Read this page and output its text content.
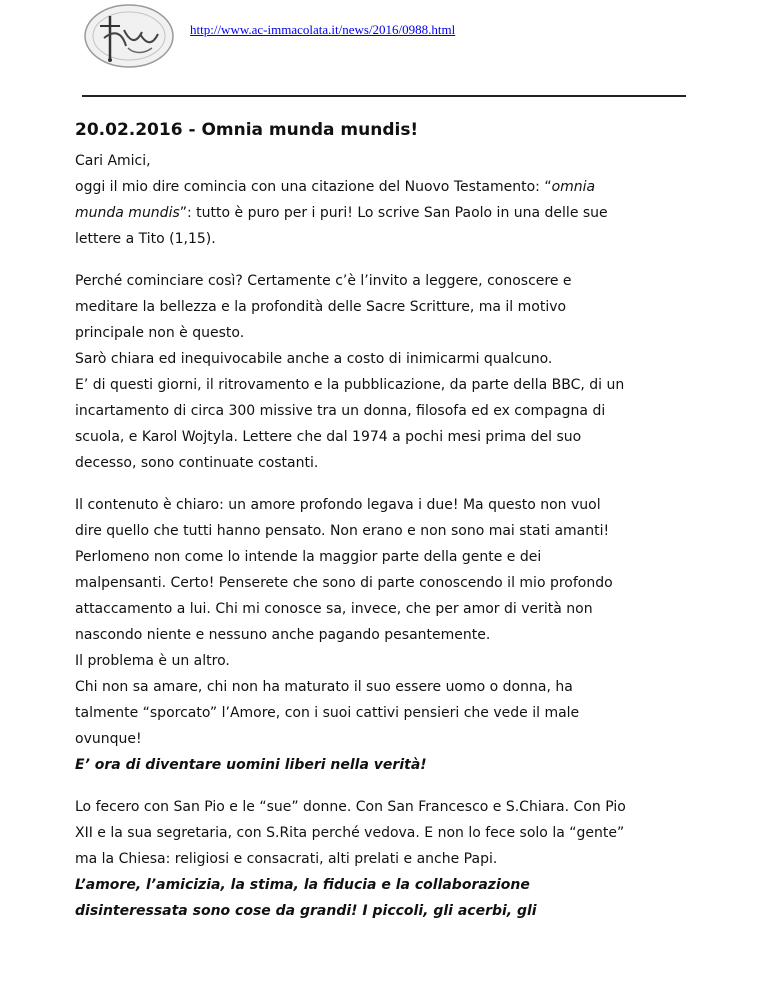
http://www.ac-immacolata.it/news/2016/0988.html
20.02.2016 - Omnia munda mundis!
Cari Amici,
oggi il mio dire comincia con una citazione del Nuovo Testamento: “omnia
munda mundis”: tutto è puro per i puri! Lo scrive San Paolo in una delle sue
lettere a Tito (1,15).
Perché cominciare così? Certamente c’è l’invito a leggere, conoscere e
meditare la bellezza e la profondità delle Sacre Scritture, ma il motivo
principale non è questo.
Sarò chiara ed inequivocabile anche a costo di inimicarmi qualcuno.
E’ di questi giorni, il ritrovamento e la pubblicazione, da parte della BBC, di un
incartamento di circa 300 missive tra un donna, filosofa ed ex compagna di
scuola, e Karol Wojtyla. Lettere che dal 1974 a pochi mesi prima del suo
decesso, sono continuate costanti.
Il contenuto è chiaro: un amore profondo legava i due! Ma questo non vuol
dire quello che tutti hanno pensato. Non erano e non sono mai stati amanti!
Perlomeno non come lo intende la maggior parte della gente e dei
malpensanti. Certo! Penserete che sono di parte conoscendo il mio profondo
attaccamento a lui. Chi mi conosce sa, invece, che per amor di verità non
nascondo niente e nessuno anche pagando pesantemente.
Il problema è un altro.
Chi non sa amare, chi non ha maturato il suo essere uomo o donna, ha
talmente “sporcato” l’Amore, con i suoi cattivi pensieri che vede il male
ovunque!
E’ ora di diventare uomini liberi nella verità!
Lo fecero con San Pio e le “sue” donne. Con San Francesco e S.Chiara. Con Pio
XII e la sua segretaria, con S.Rita perché vedova. E non lo fece solo la “gente”
ma la Chiesa: religiosi e consacrati, alti prelati e anche Papi.
L’amore, l’amicizia, la stima, la fiducia e la collaborazione
disinteressata sono cose da grandi! I piccoli, gli acerbi, gli
